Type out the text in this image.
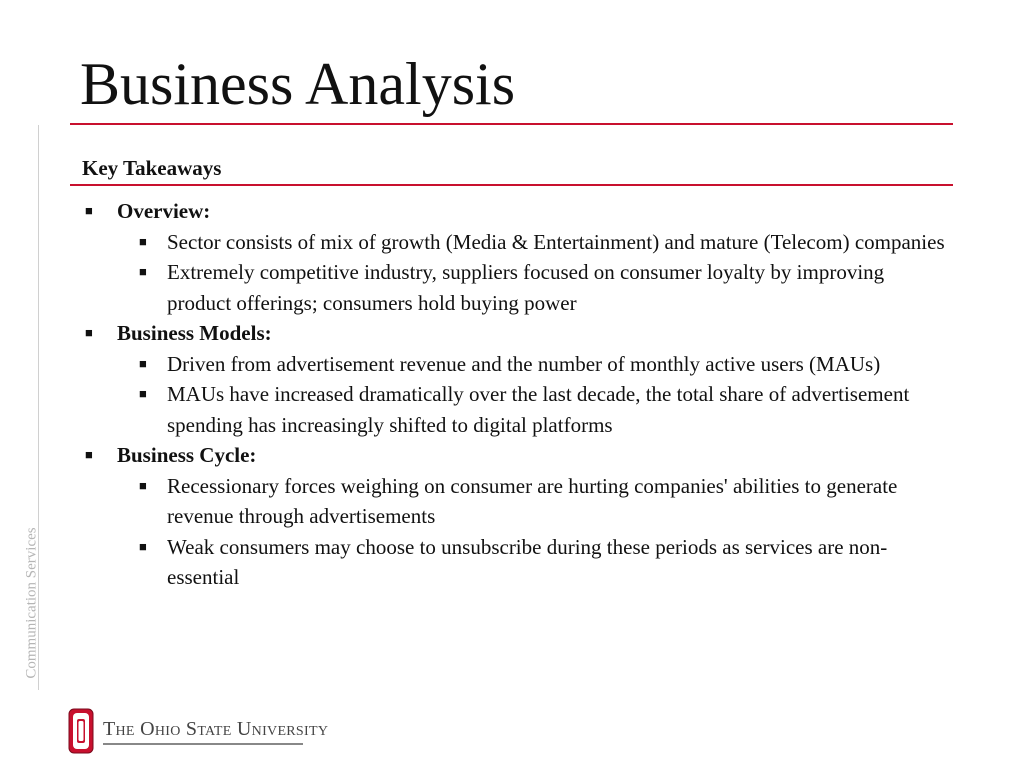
Business Analysis
Key Takeaways
Communication Services
■ Overview:
■ Sector consists of mix of growth (Media & Entertainment) and mature (Telecom) companies
■ Extremely competitive industry, suppliers focused on consumer loyalty by improving product offerings; consumers hold buying power
■ Business Models:
■ Driven from advertisement revenue and the number of monthly active users (MAUs)
■ MAUs have increased dramatically over the last decade, the total share of advertisement spending has increasingly shifted to digital platforms
■ Business Cycle:
■ Recessionary forces weighing on consumer are hurting companies' abilities to generate revenue through advertisements
■ Weak consumers may choose to unsubscribe during these periods as services are non-essential
The Ohio State University
